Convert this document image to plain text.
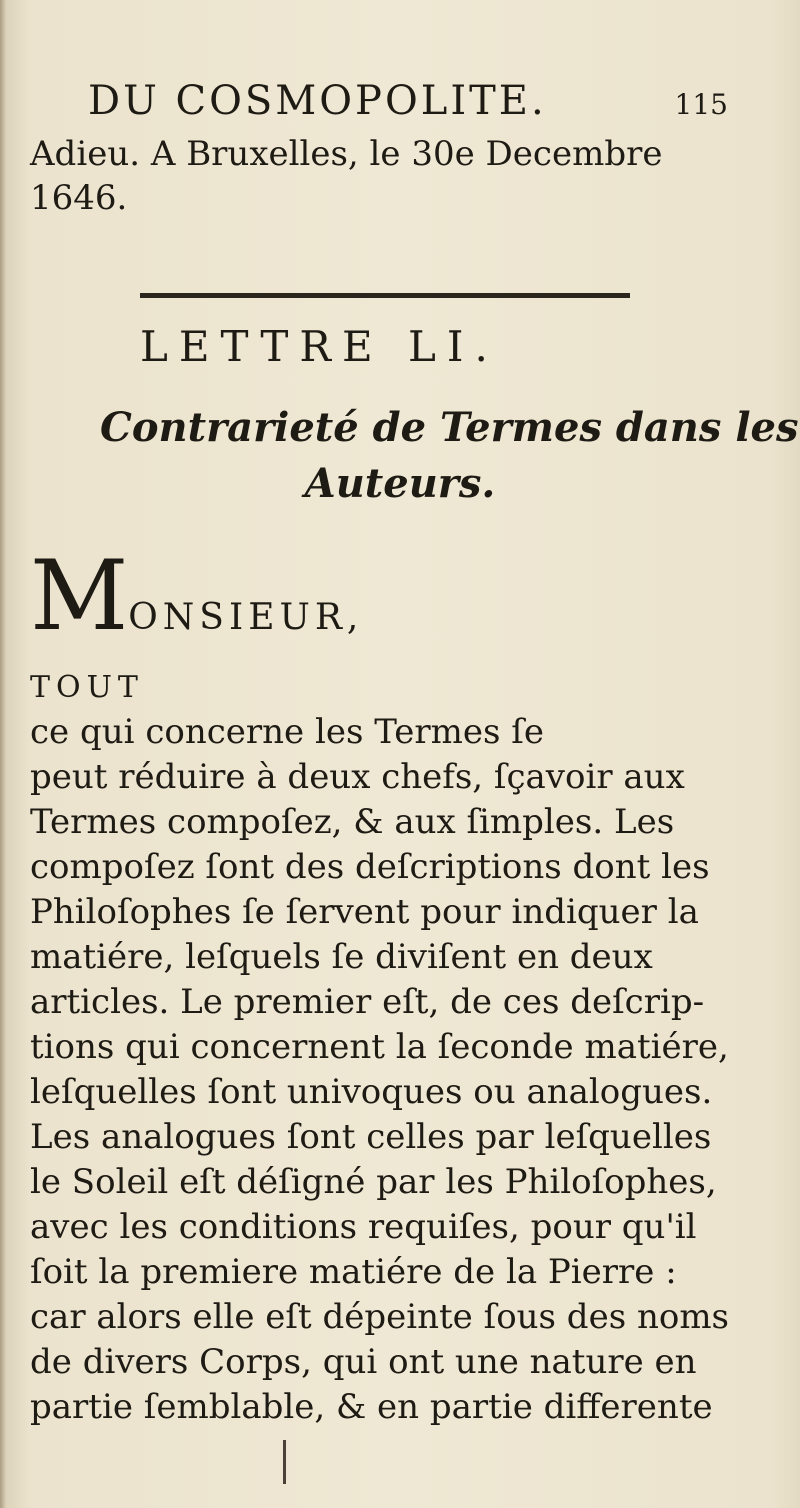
DU COSMOPOLITE.	115
Adieu. A Bruxelles, le 30e Decembre
1646.
LETTRE LI.
Contrarieté de Termes dans les
Auteurs.
MONSIEUR,
TOUT
ce qui concerne les Termes ſe
peut réduire à deux chefs, ſçavoir aux
Termes compoſez, & aux ſimples. Les
compoſez ſont des deſcriptions dont les
Philoſophes ſe ſervent pour indiquer la
matiére, leſquels ſe diviſent en deux
articles. Le premier eſt, de ces deſcrip-
tions qui concernent la ſeconde matiére,
leſquelles ſont univoques ou analogues.
Les analogues ſont celles par leſquelles
le Soleil eſt déſigné par les Philoſophes,
avec les conditions requiſes, pour qu'il
ſoit la premiere matiére de la Pierre :
car alors elle eſt dépeinte ſous des noms
de divers Corps, qui ont une nature en
partie ſemblable, & en partie differente
